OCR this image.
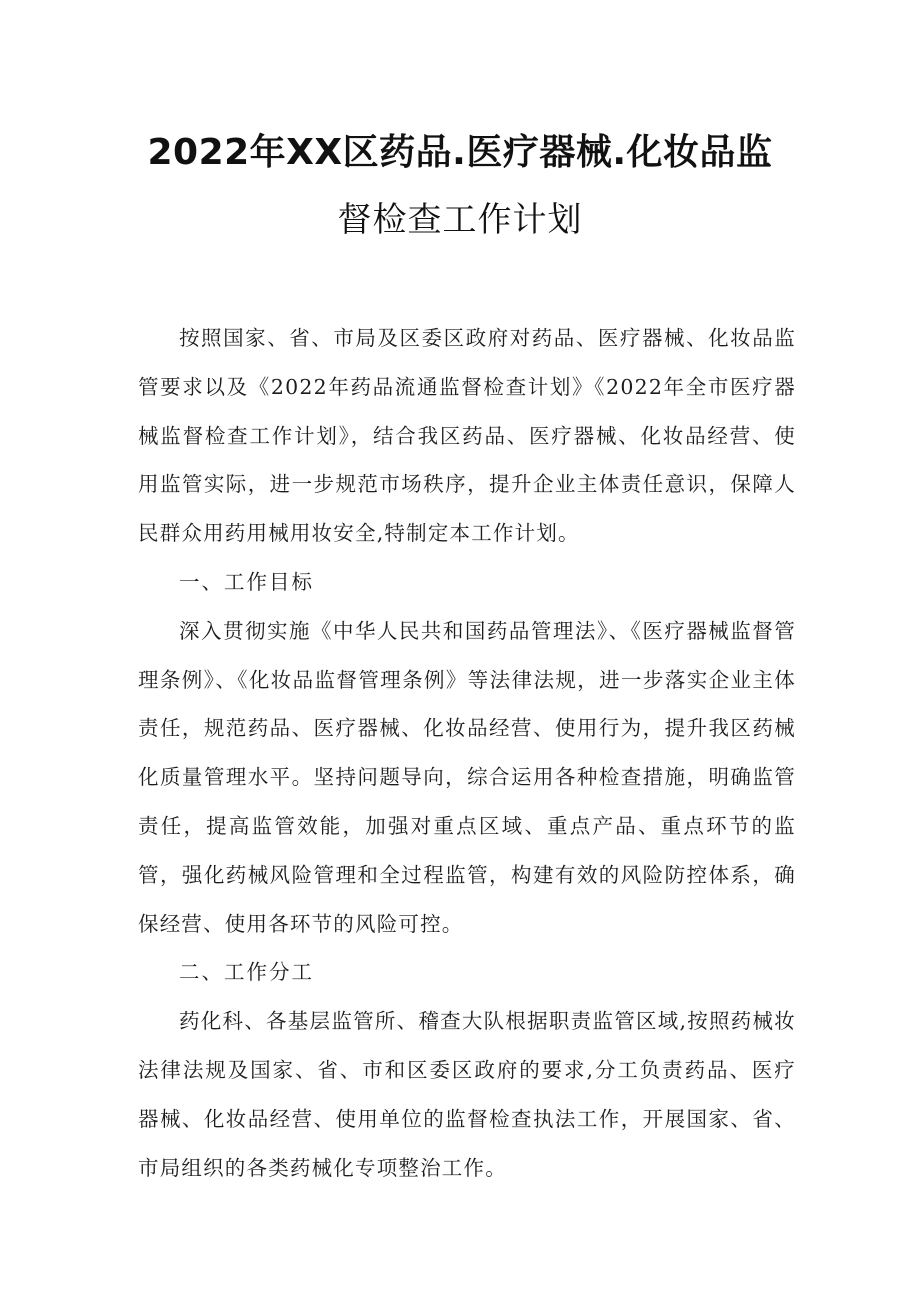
2022年XX区药品.医疗器械.化妆品监
督检查工作计划

按照国家、省、市局及区委区政府对药品、医疗器械、化妆品监管要求以及《2022年药品流通监督检查计划》《2022年全市医疗器械监督检查工作计划》，结合我区药品、医疗器械、化妆品经营、使用监管实际，进一步规范市场秩序，提升企业主体责任意识，保障人民群众用药用械用妆安全,特制定本工作计划。

一、工作目标

深入贯彻实施《中华人民共和国药品管理法》、《医疗器械监督管理条例》、《化妆品监督管理条例》等法律法规，进一步落实企业主体责任，规范药品、医疗器械、化妆品经营、使用行为，提升我区药械化质量管理水平。坚持问题导向，综合运用各种检查措施，明确监管责任，提高监管效能，加强对重点区域、重点产品、重点环节的监管，强化药械风险管理和全过程监管，构建有效的风险防控体系，确保经营、使用各环节的风险可控。

二、工作分工

药化科、各基层监管所、稽查大队根据职责监管区域,按照药械妆法律法规及国家、省、市和区委区政府的要求,分工负责药品、医疗器械、化妆品经营、使用单位的监督检查执法工作，开展国家、省、市局组织的各类药械化专项整治工作。
